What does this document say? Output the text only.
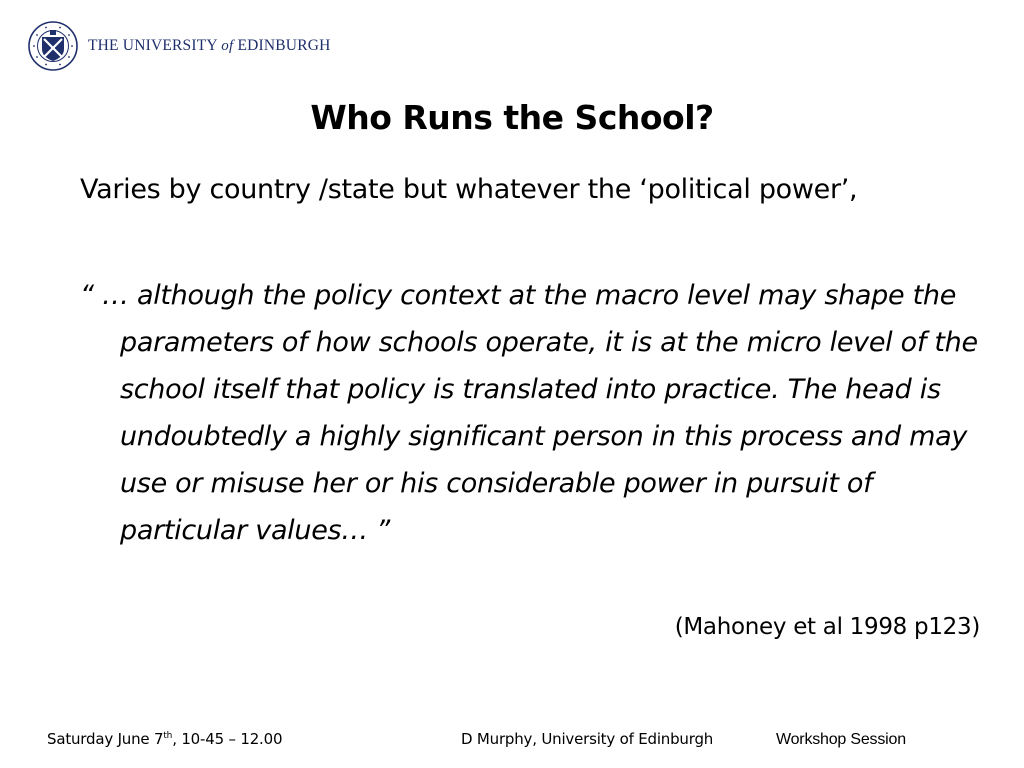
THE UNIVERSITY of EDINBURGH
Who Runs the School?
Varies by country /state but whatever the ‘political power’,
“ … although the policy context at the macro level may shape the parameters of how schools operate, it is at the micro level of the school itself that policy is translated into practice. The head is undoubtedly a highly significant person in this process and may use or misuse her or his considerable power in pursuit of particular values… ”
(Mahoney et al 1998 p123)
Saturday June 7th, 10-45 – 12.00	D Murphy, University of Edinburgh	Workshop Session
